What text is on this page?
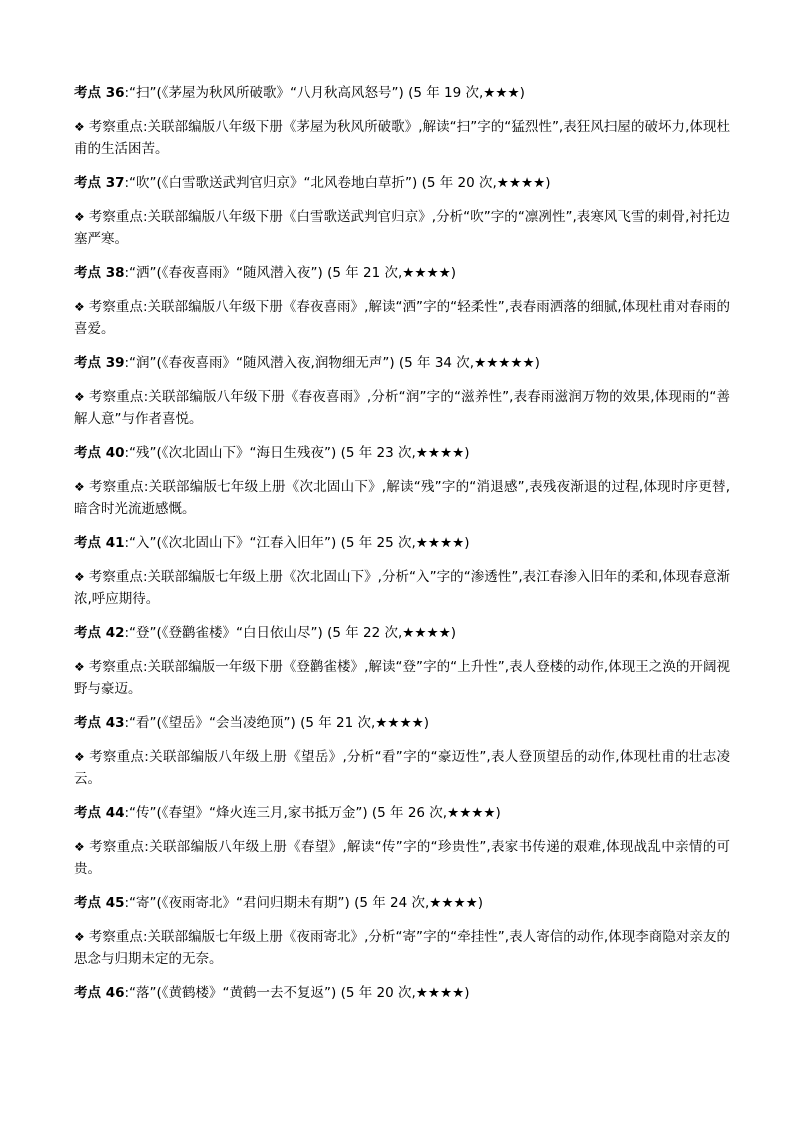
考点 36:“扫”(《茅屋为秋风所破歌》“八月秋高风怒号”) (5 年 19 次,★★★)
❖ 考察重点:关联部编版八年级下册《茅屋为秋风所破歌》,解读“扫”字的“猛烈性”,表狂风扫屋的破坏力,体现杜甫的生活困苦。
考点 37:“吹”(《白雪歌送武判官归京》“北风卷地白草折”) (5 年 20 次,★★★★)
❖ 考察重点:关联部编版八年级下册《白雪歌送武判官归京》,分析“吹”字的“凛冽性”,表寒风飞雪的刺骨,衬托边塞严寒。
考点 38:“洒”(《春夜喜雨》“随风潜入夜”) (5 年 21 次,★★★★)
❖ 考察重点:关联部编版八年级下册《春夜喜雨》,解读“洒”字的“轻柔性”,表春雨洒落的细腻,体现杜甫对春雨的喜爱。
考点 39:“润”(《春夜喜雨》“随风潜入夜,润物细无声”) (5 年 34 次,★★★★★)
❖ 考察重点:关联部编版八年级下册《春夜喜雨》,分析“润”字的“滋养性”,表春雨滋润万物的效果,体现雨的“善解人意”与作者喜悦。
考点 40:“残”(《次北固山下》“海日生残夜”) (5 年 23 次,★★★★)
❖ 考察重点:关联部编版七年级上册《次北固山下》,解读“残”字的“消退感”,表残夜渐退的过程,体现时序更替,暗含时光流逝感慨。
考点 41:“入”(《次北固山下》“江春入旧年”) (5 年 25 次,★★★★)
❖ 考察重点:关联部编版七年级上册《次北固山下》,分析“入”字的“渗透性”,表江春渗入旧年的柔和,体现春意渐浓,呼应期待。
考点 42:“登”(《登鹳雀楼》“白日依山尽”) (5 年 22 次,★★★★)
❖ 考察重点:关联部编版一年级下册《登鹳雀楼》,解读“登”字的“上升性”,表人登楼的动作,体现王之涣的开阔视野与豪迈。
考点 43:“看”(《望岳》“会当凌绝顶”) (5 年 21 次,★★★★)
❖ 考察重点:关联部编版八年级上册《望岳》,分析“看”字的“豪迈性”,表人登顶望岳的动作,体现杜甫的壮志凌云。
考点 44:“传”(《春望》“烽火连三月,家书抵万金”) (5 年 26 次,★★★★)
❖ 考察重点:关联部编版八年级上册《春望》,解读“传”字的“珍贵性”,表家书传递的艰难,体现战乱中亲情的可贵。
考点 45:“寄”(《夜雨寄北》“君问归期未有期”) (5 年 24 次,★★★★)
❖ 考察重点:关联部编版七年级上册《夜雨寄北》,分析“寄”字的“牵挂性”,表人寄信的动作,体现李商隐对亲友的思念与归期未定的无奈。
考点 46:“落”(《黄鹤楼》“黄鹤一去不复返”) (5 年 20 次,★★★★)
